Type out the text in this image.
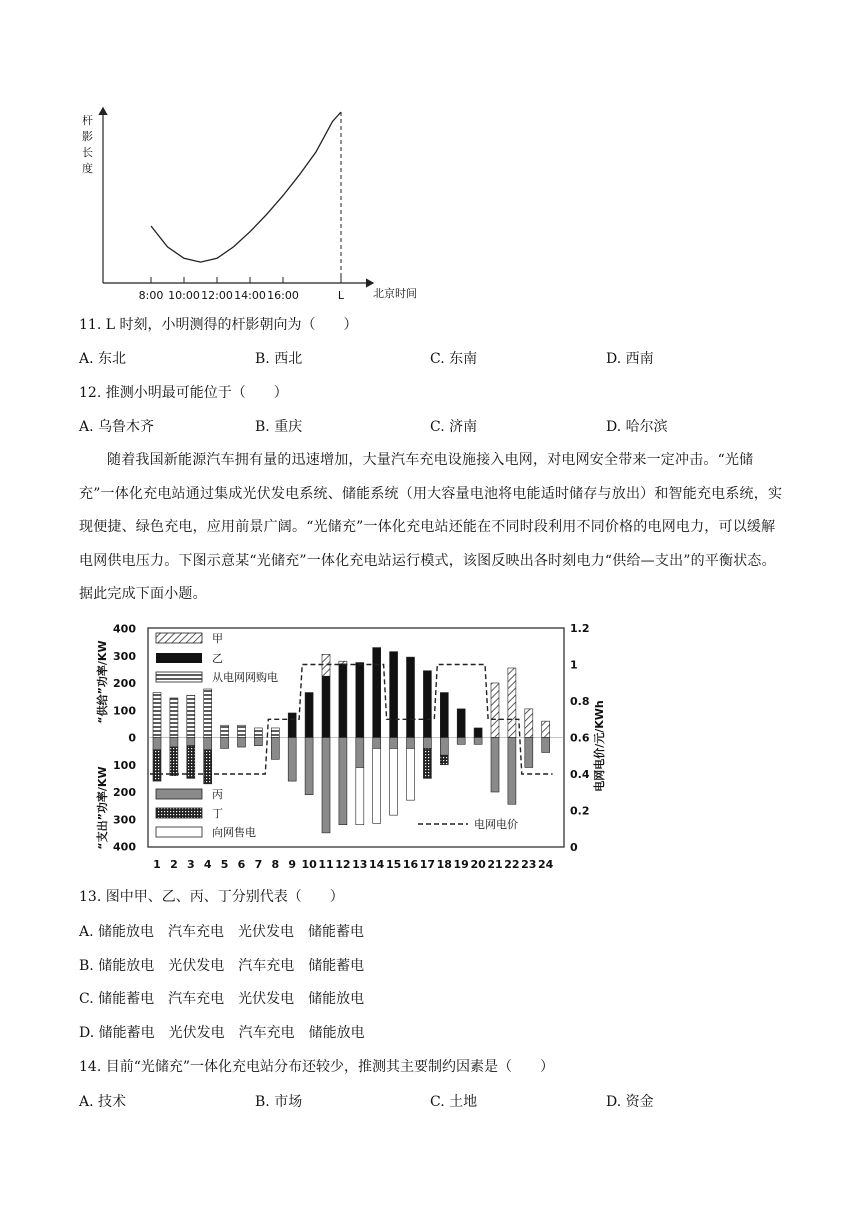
杆
影
长
度
8:00 10:00 12:00 14:00 16:00	L	北京时间
11. L 时刻，小明测得的杆影朝向为（　　）
A. 东北	B. 西北	C. 东南	D. 西南
12. 推测小明最可能位于（　　）
A. 乌鲁木齐	B. 重庆	C. 济南	D. 哈尔滨
随着我国新能源汽车拥有量的迅速增加，大量汽车充电设施接入电网，对电网安全带来一定冲击。“光储充”一体化充电站通过集成光伏发电系统、储能系统（用大容量电池将电能适时储存与放出）和智能充电系统，实现便捷、绿色充电，应用前景广阔。“光储充”一体化充电站还能在不同时段利用不同价格的电网电力，可以缓解电网供电压力。下图示意某“光储充”一体化充电站运行模式，该图反映出各时刻电力“供给—支出”的平衡状态。据此完成下面小题。
400
300
200
100
0
100
200
300
400
1.2
1
0.8
0.6
0.4
0.2
0
1 2 3 4 5 6 7 8 9 10 11 12 13 14 15 16 17 18 19 20 21 22 23 24
“供给”功率/KW
“支出”功率/KW
电网电价/元/KWh
甲
乙
从电网网购电
丙
丁
向网售电
电网电价
13. 图中甲、乙、丙、丁分别代表（　　）
A. 储能放电　汽车充电　光伏发电　储能蓄电
B. 储能放电　光伏发电　汽车充电　储能蓄电
C. 储能蓄电　汽车充电　光伏发电　储能放电
D. 储能蓄电　光伏发电　汽车充电　储能放电
14. 目前“光储充”一体化充电站分布还较少，推测其主要制约因素是（　　）
A. 技术	B. 市场	C. 土地	D. 资金
